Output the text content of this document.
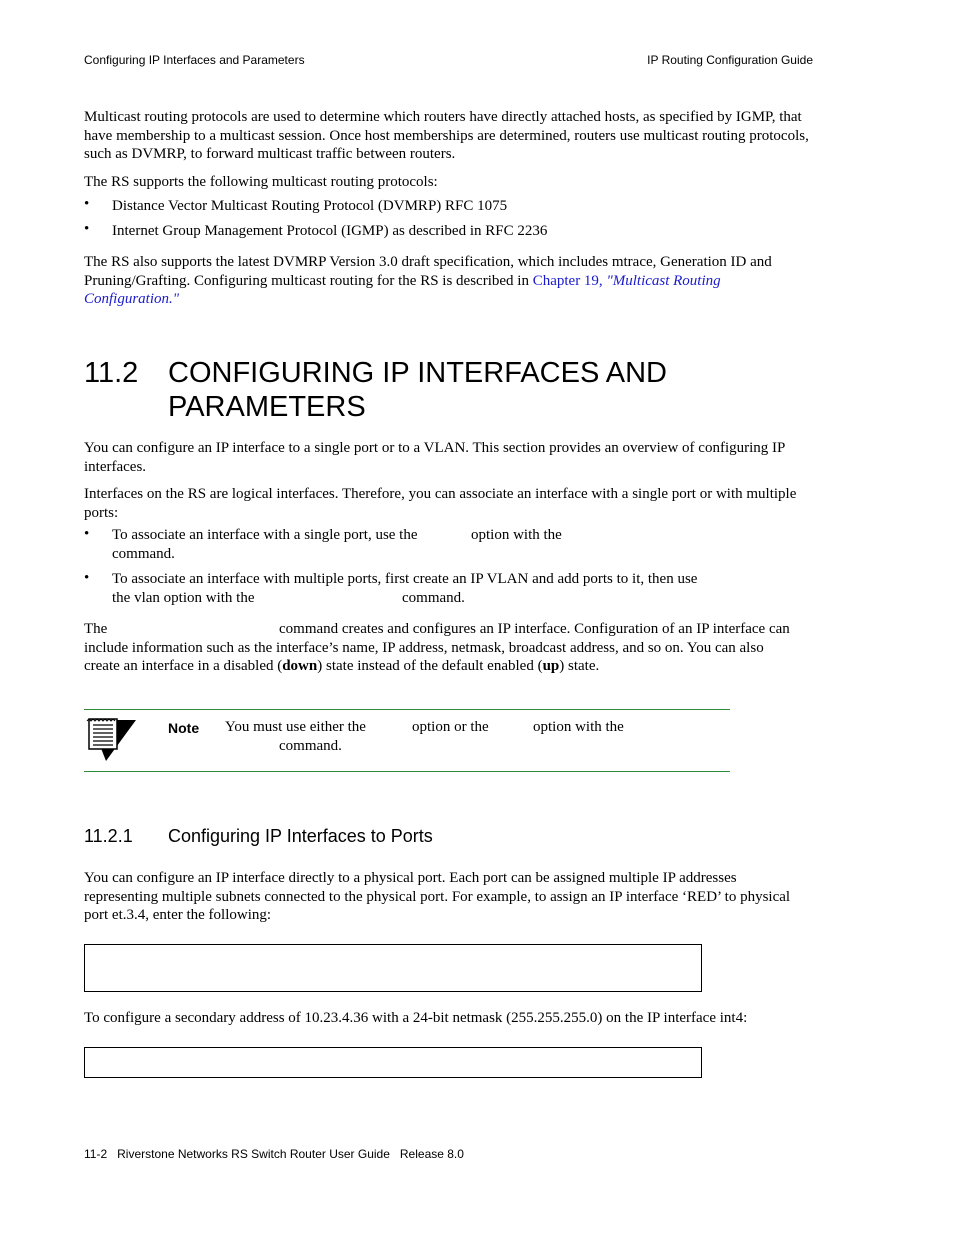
Configuring IP Interfaces and Parameters	IP Routing Configuration Guide
Multicast routing protocols are used to determine which routers have directly attached hosts, as specified by IGMP, that have membership to a multicast session. Once host memberships are determined, routers use multicast routing protocols, such as DVMRP, to forward multicast traffic between routers.
The RS supports the following multicast routing protocols:
• Distance Vector Multicast Routing Protocol (DVMRP) RFC 1075
• Internet Group Management Protocol (IGMP) as described in RFC 2236
The RS also supports the latest DVMRP Version 3.0 draft specification, which includes mtrace, Generation ID and Pruning/Grafting. Configuring multicast routing for the RS is described in Chapter 19, "Multicast Routing Configuration."
11.2 CONFIGURING IP INTERFACES AND
PARAMETERS
You can configure an IP interface to a single port or to a VLAN. This section provides an overview of configuring IP interfaces.
Interfaces on the RS are logical interfaces. Therefore, you can associate an interface with a single port or with multiple ports:
• To associate an interface with a single port, use the	option with the
command.
• To associate an interface with multiple ports, first create an IP VLAN and add ports to it, then use
the vlan option with the	command.
The	command creates and configures an IP interface. Configuration of an IP interface can
include information such as the interface’s name, IP address, netmask, broadcast address, and so on. You can also
create an interface in a disabled (down) state instead of the default enabled (up) state.
Note You must use either the	option or the	option with the
command.
11.2.1 Configuring IP Interfaces to Ports
You can configure an IP interface directly to a physical port. Each port can be assigned multiple IP addresses representing multiple subnets connected to the physical port. For example, to assign an IP interface ‘RED’ to physical port et.3.4, enter the following:
To configure a secondary address of 10.23.4.36 with a 24-bit netmask (255.255.255.0) on the IP interface int4:
11-2   Riverstone Networks RS Switch Router User Guide   Release 8.0
